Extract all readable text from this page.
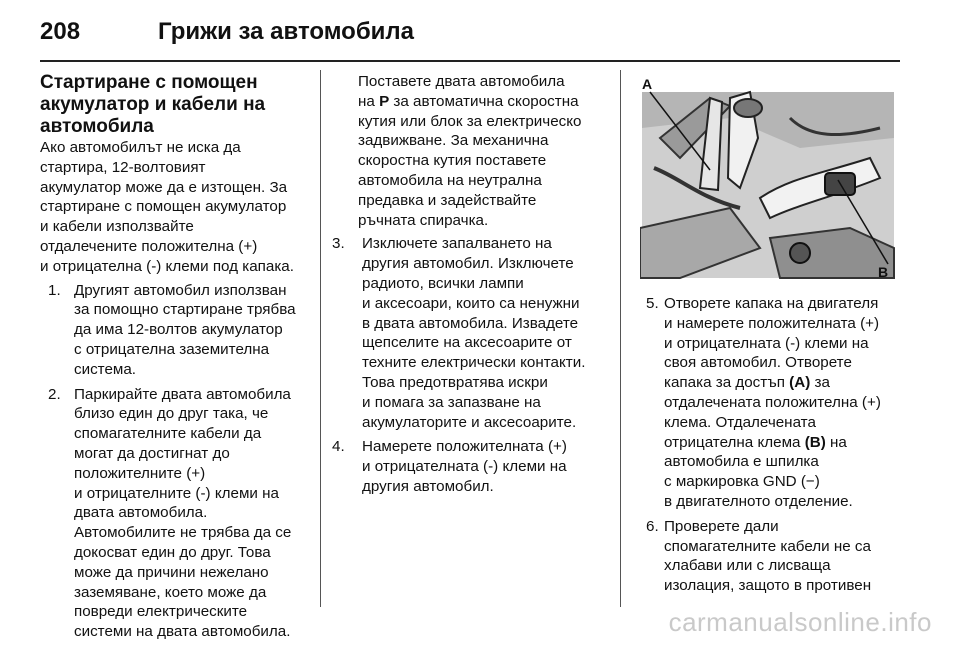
208	Грижи за автомобила
Стартиране с помощен
акумулатор и кабели на
автомобила
Ако автомобилът не иска да
стартира, 12-волтовият
акумулатор може да е изтощен. За
стартиране с помощен акумулатор
и кабели използвайте
отдалечените положителна (+)
и отрицателна (-) клеми под капака.
1. Другият автомобил използван
за помощно стартиране трябва
да има 12-волтов акумулатор
с отрицателна заземителна
система.
2. Паркирайте двата автомобила
близо един до друг така, че
спомагателните кабели да
могат да достигнат до
положителните (+)
и отрицателните (-) клеми на
двата автомобила.
Автомобилите не трябва да се
докосват един до друг. Това
може да причини нежелано
заземяване, което може да
повреди електрическите
системи на двата автомобила.
Поставете двата автомобила
на P за автоматична скоростна
кутия или блок за електрическо
задвижване. За механична
скоростна кутия поставете
автомобила на неутрална
предавка и задействайте
ръчната спирачка.
3. Изключете запалването на
другия автомобил. Изключете
радиото, всички лампи
и аксесоари, които са ненужни
в двата автомобила. Извадете
щепселите на аксесоарите от
техните електрически контакти.
Това предотвратява искри
и помага за запазване на
акумулаторите и аксесоарите.
4. Намерете положителната (+)
и отрицателната (-) клеми на
другия автомобил.
A
B
5. Отворете капака на двигателя
и намерете положителната (+)
и отрицателната (-) клеми на
своя автомобил. Отворете
капака за достъп (A) за
отдалечената положителна (+)
клема. Отдалечената
отрицателна клема (B) на
автомобила е шпилка
с маркировка GND (−)
в двигателното отделение.
6. Проверете дали
спомагателните кабели не са
хлабави или с лисващa
изолация, защото в противен
carmanualsonline.info
